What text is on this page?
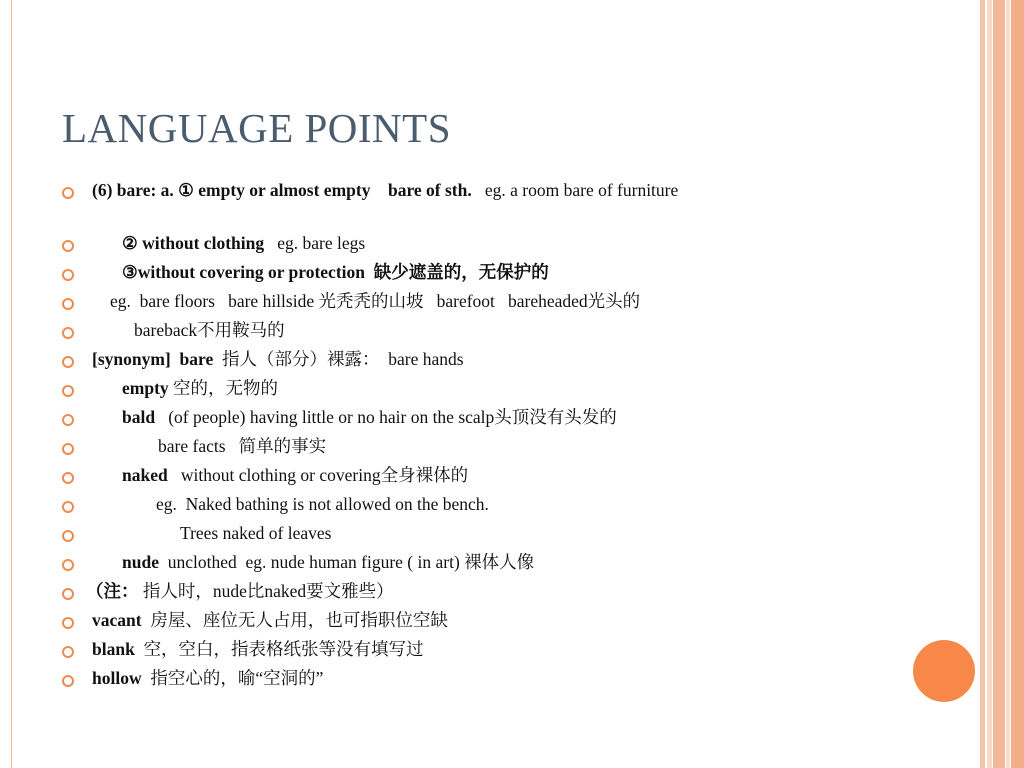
LANGUAGE POINTS
(6) bare: a. ① empty or almost empty    bare of sth.   eg. a room bare of furniture
② without clothing   eg. bare legs
③without covering or protection  缺少遮盖的，无保护的
eg.  bare floors   bare hillside 光秃秃的山坡   barefoot   bareheaded光头的
bareback不用鞍马的
[synonym]  bare  指人（部分）裸露：  bare hands
empty 空的，无物的
bald   (of people) having little or no hair on the scalp头顶没有头发的
bare facts   简单的事实
naked   without clothing or covering全身裸体的
eg.  Naked bathing is not allowed on the bench.
Trees naked of leaves
nude  unclothed  eg. nude human figure ( in art) 裸体人像
（注： 指人时，nude比naked要文雅些）
vacant  房屋、座位无人占用，也可指职位空缺
blank  空，空白，指表格纸张等没有填写过
hollow  指空心的，喻“空洞的”
